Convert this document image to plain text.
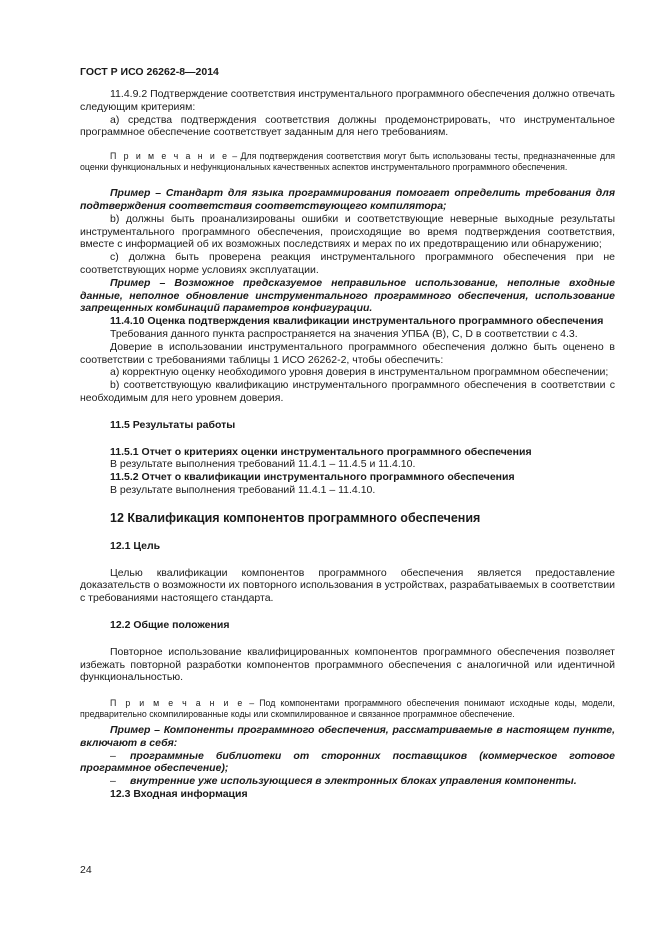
ГОСТ Р ИСО 26262-8—2014

11.4.9.2 Подтверждение соответствия инструментального программного обеспечения должно отвечать следующим критериям:

a) средства подтверждения соответствия должны продемонстрировать, что инструментальное программное обеспечение соответствует заданным для него требованиям.

П р и м е ч а н и е – Для подтверждения соответствия могут быть использованы тесты, предназначенные для оценки функциональных и нефункциональных качественных аспектов инструментального программного обеспечения.

Пример – Стандарт для языка программирования помогает определить требования для подтверждения соответствия соответствующего компилятора;

b) должны быть проанализированы ошибки и соответствующие неверные выходные результаты инструментального программного обеспечения, происходящие во время подтверждения соответствия, вместе с информацией об их возможных последствиях и мерах по их предотвращению или обнаружению;

c) должна быть проверена реакция инструментального программного обеспечения при не соответствующих норме условиях эксплуатации.

Пример – Возможное предсказуемое неправильное использование, неполные входные данные, неполное обновление инструментального программного обеспечения, использование запрещенных комбинаций параметров конфигурации.

11.4.10 Оценка подтверждения квалификации инструментального программного обеспечения

Требования данного пункта распространяется на значения УПБА (B), C, D в соответствии с 4.3.

Доверие в использовании инструментального программного обеспечения должно быть оценено в соответствии с требованиями таблицы 1 ИСО 26262-2, чтобы обеспечить:

a) корректную оценку необходимого уровня доверия в инструментальном программном обеспечении;

b) соответствующую квалификацию инструментального программного обеспечения в соответствии с необходимым для него уровнем доверия.

11.5 Результаты работы

11.5.1 Отчет о критериях оценки инструментального программного обеспечения

В результате выполнения требований 11.4.1 – 11.4.5 и 11.4.10.

11.5.2 Отчет о квалификации инструментального программного обеспечения

В результате выполнения требований 11.4.1 – 11.4.10.

12 Квалификация компонентов программного обеспечения

12.1 Цель

Целью квалификации компонентов программного обеспечения является предоставление доказательств о возможности их повторного использования в устройствах, разрабатываемых в соответствии с требованиями настоящего стандарта.

12.2 Общие положения

Повторное использование квалифицированных компонентов программного обеспечения позволяет избежать повторной разработки компонентов программного обеспечения с аналогичной или идентичной функциональностью.

П р и м е ч а н и е – Под компонентами программного обеспечения понимают исходные коды, модели, предварительно скомпилированные коды или скомпилированное и связанное программное обеспечение.

Пример – Компоненты программного обеспечения, рассматриваемые в настоящем пункте, включают в себя:

– программные библиотеки от сторонних поставщиков (коммерческое готовое программное обеспечение);

– внутренние уже использующиеся в электронных блоках управления компоненты.

12.3 Входная информация

24
